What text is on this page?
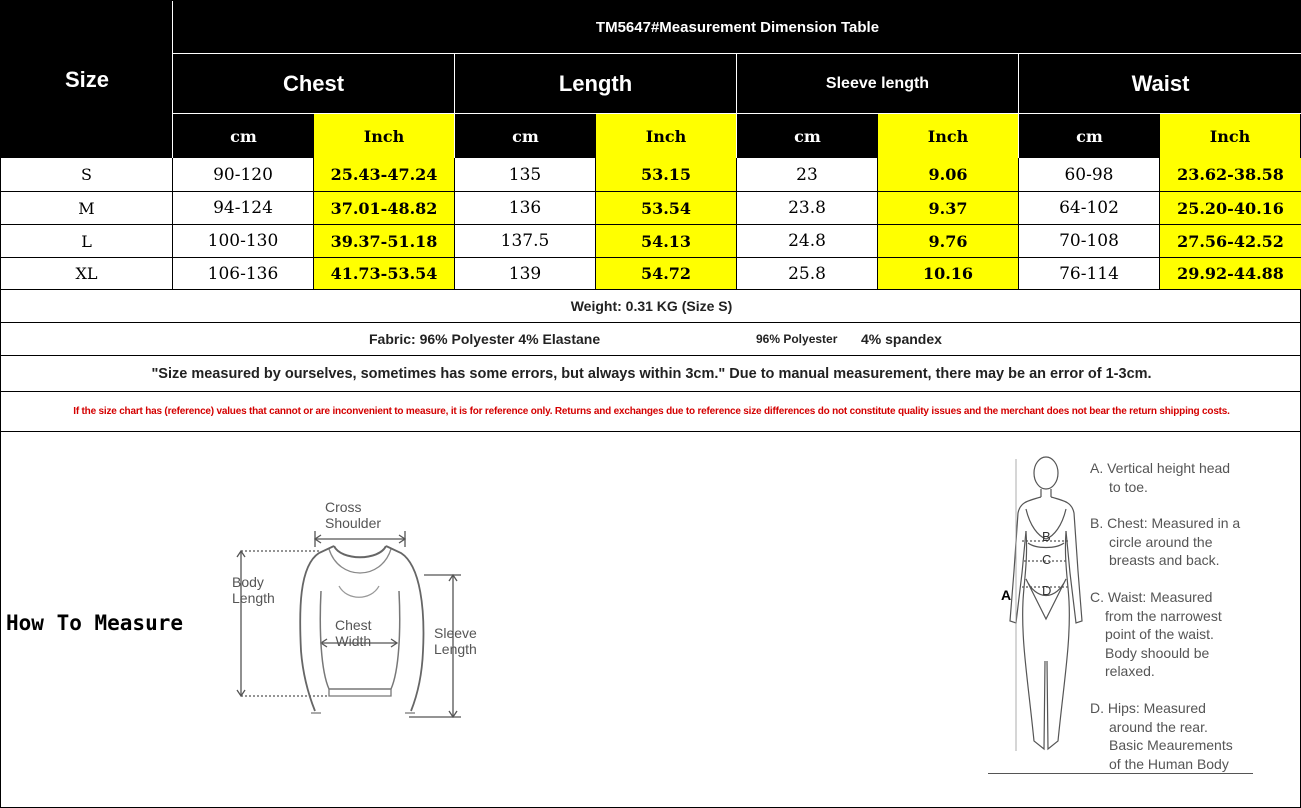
Size
TM5647#Measurement Dimension Table
Chest	Length	Sleeve length	Waist
cm	Inch	cm	Inch	cm	Inch	cm	Inch
S	90-120	25.43-47.24	135	53.15	23	9.06	60-98	23.62-38.58
M	94-124	37.01-48.82	136	53.54	23.8	9.37	64-102	25.20-40.16
L	100-130	39.37-51.18	137.5	54.13	24.8	9.76	70-108	27.56-42.52
XL	106-136	41.73-53.54	139	54.72	25.8	10.16	76-114	29.92-44.88
Weight: 0.31 KG (Size S)
Fabric: 96% Polyester 4% Elastane	96% Polyester 4% spandex
"Size measured by ourselves, sometimes has some errors, but always within 3cm." Due to manual measurement, there may be an error of 1-3cm.
If the size chart has (reference) values that cannot or are inconvenient to measure, it is for reference only. Returns and exchanges due to reference size differences do not constitute quality issues and the merchant does not bear the return shipping costs.
How To Measure
Cross
Shoulder
Body
Length
Chest
Width	Sleeve
Length
A
B
C
D
A. Vertical height head
to toe.
B. Chest: Measured in a
circle around the
breasts and back.
C. Waist: Measured
from the narrowest
point of the waist.
Body shoould be
relaxed.
D. Hips: Measured
around the rear.
Basic Meaurements
of the Human Body
